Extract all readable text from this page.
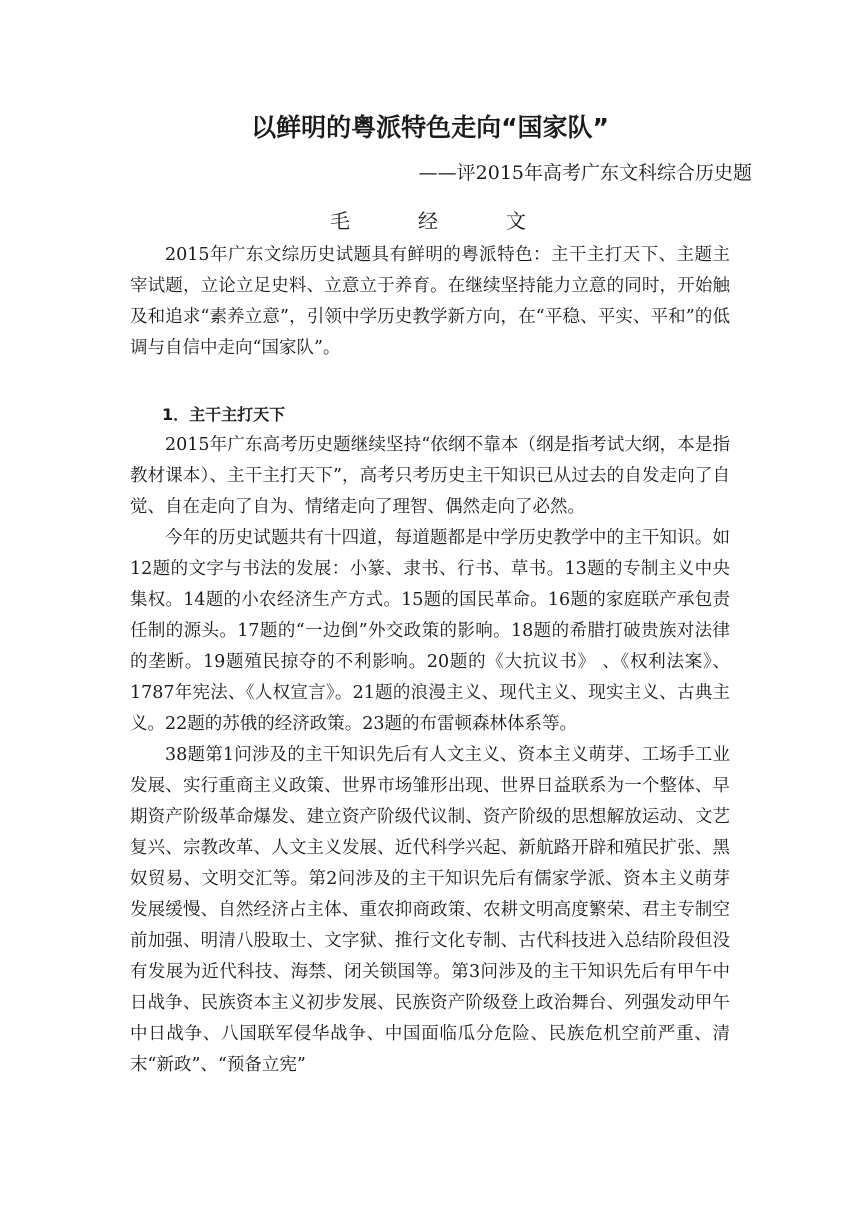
以鲜明的粤派特色走向“国家队”
——评2015年高考广东文科综合历史题
毛　经　文

2015年广东文综历史试题具有鲜明的粤派特色：主干主打天下、主题主宰试题，立论立足史料、立意立于养育。在继续坚持能力立意的同时，开始触及和追求“素养立意”，引领中学历史教学新方向，在“平稳、平实、平和”的低调与自信中走向“国家队”。

1．主干主打天下

2015年广东高考历史题继续坚持“依纲不靠本（纲是指考试大纲，本是指教材课本）、主干主打天下”，高考只考历史主干知识已从过去的自发走向了自觉、自在走向了自为、情绪走向了理智、偶然走向了必然。

今年的历史试题共有十四道，每道题都是中学历史教学中的主干知识。如12题的文字与书法的发展：小篆、隶书、行书、草书。13题的专制主义中央集权。14题的小农经济生产方式。15题的国民革命。16题的家庭联产承包责任制的源头。17题的“一边倒”外交政策的影响。18题的希腊打破贵族对法律的垄断。19题殖民掠夺的不利影响。20题的《大抗议书》 、《权利法案》、1787年宪法、《人权宣言》。21题的浪漫主义、现代主义、现实主义、古典主义。22题的苏俄的经济政策。23题的布雷顿森林体系等。

38题第1问涉及的主干知识先后有人文主义、资本主义萌芽、工场手工业发展、实行重商主义政策、世界市场雏形出现、世界日益联系为一个整体、早期资产阶级革命爆发、建立资产阶级代议制、资产阶级的思想解放运动、文艺复兴、宗教改革、人文主义发展、近代科学兴起、新航路开辟和殖民扩张、黑奴贸易、文明交汇等。第2问涉及的主干知识先后有儒家学派、资本主义萌芽发展缓慢、自然经济占主体、重农抑商政策、农耕文明高度繁荣、君主专制空前加强、明清八股取士、文字狱、推行文化专制、古代科技进入总结阶段但没有发展为近代科技、海禁、闭关锁国等。第3问涉及的主干知识先后有甲午中日战争、民族资本主义初步发展、民族资产阶级登上政治舞台、列强发动甲午中日战争、八国联军侵华战争、中国面临瓜分危险、民族危机空前严重、清末“新政”、“预备立宪”
